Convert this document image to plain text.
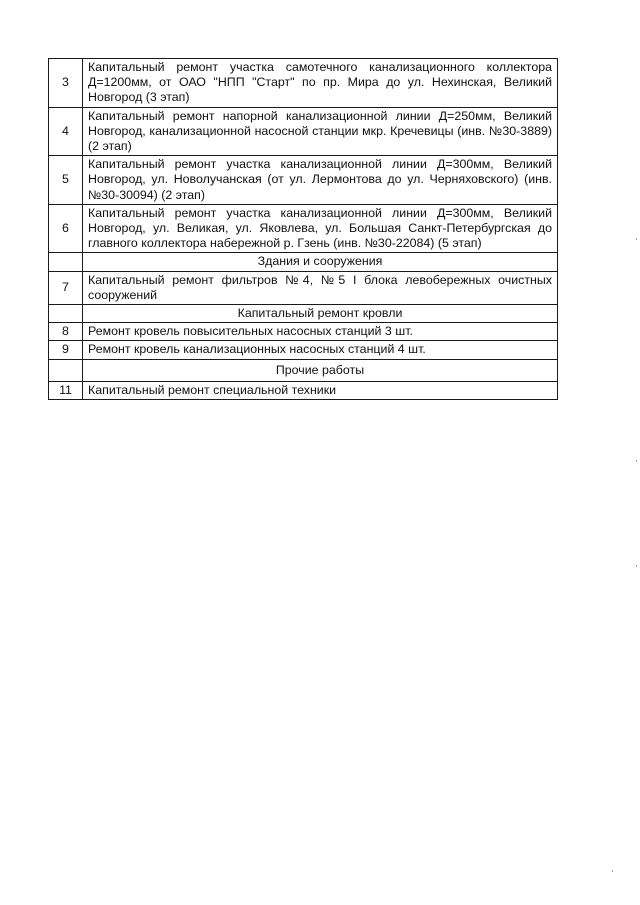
3	Капитальный ремонт участка самотечного канализационного коллектора Д=1200мм, от ОАО "НПП "Старт" по пр. Мира до ул. Нехинская, Великий Новгород (3 этап)
4	Капитальный ремонт напорной канализационной линии Д=250мм, Великий Новгород, канализационной насосной станции мкр. Кречевицы (инв. №30-3889) (2 этап)
5	Капитальный ремонт участка канализационной линии Д=300мм, Великий Новгород, ул. Новолучанская (от ул. Лермонтова до ул. Черняховского) (инв. №30-30094) (2 этап)
6	Капитальный ремонт участка канализационной линии Д=300мм, Великий Новгород, ул. Великая, ул. Яковлева, ул. Большая Санкт-Петербургская до главного коллектора набережной р. Гзень (инв. №30-22084) (5 этап)
	Здания и сооружения
7	Капитальный ремонт фильтров №4, №5 I блока левобережных очистных сооружений
	Капитальный ремонт кровли
8	Ремонт кровель повысительных насосных станций 3 шт.
9	Ремонт кровель канализационных насосных станций 4 шт.
	Прочие работы
11	Капитальный ремонт специальной техники
